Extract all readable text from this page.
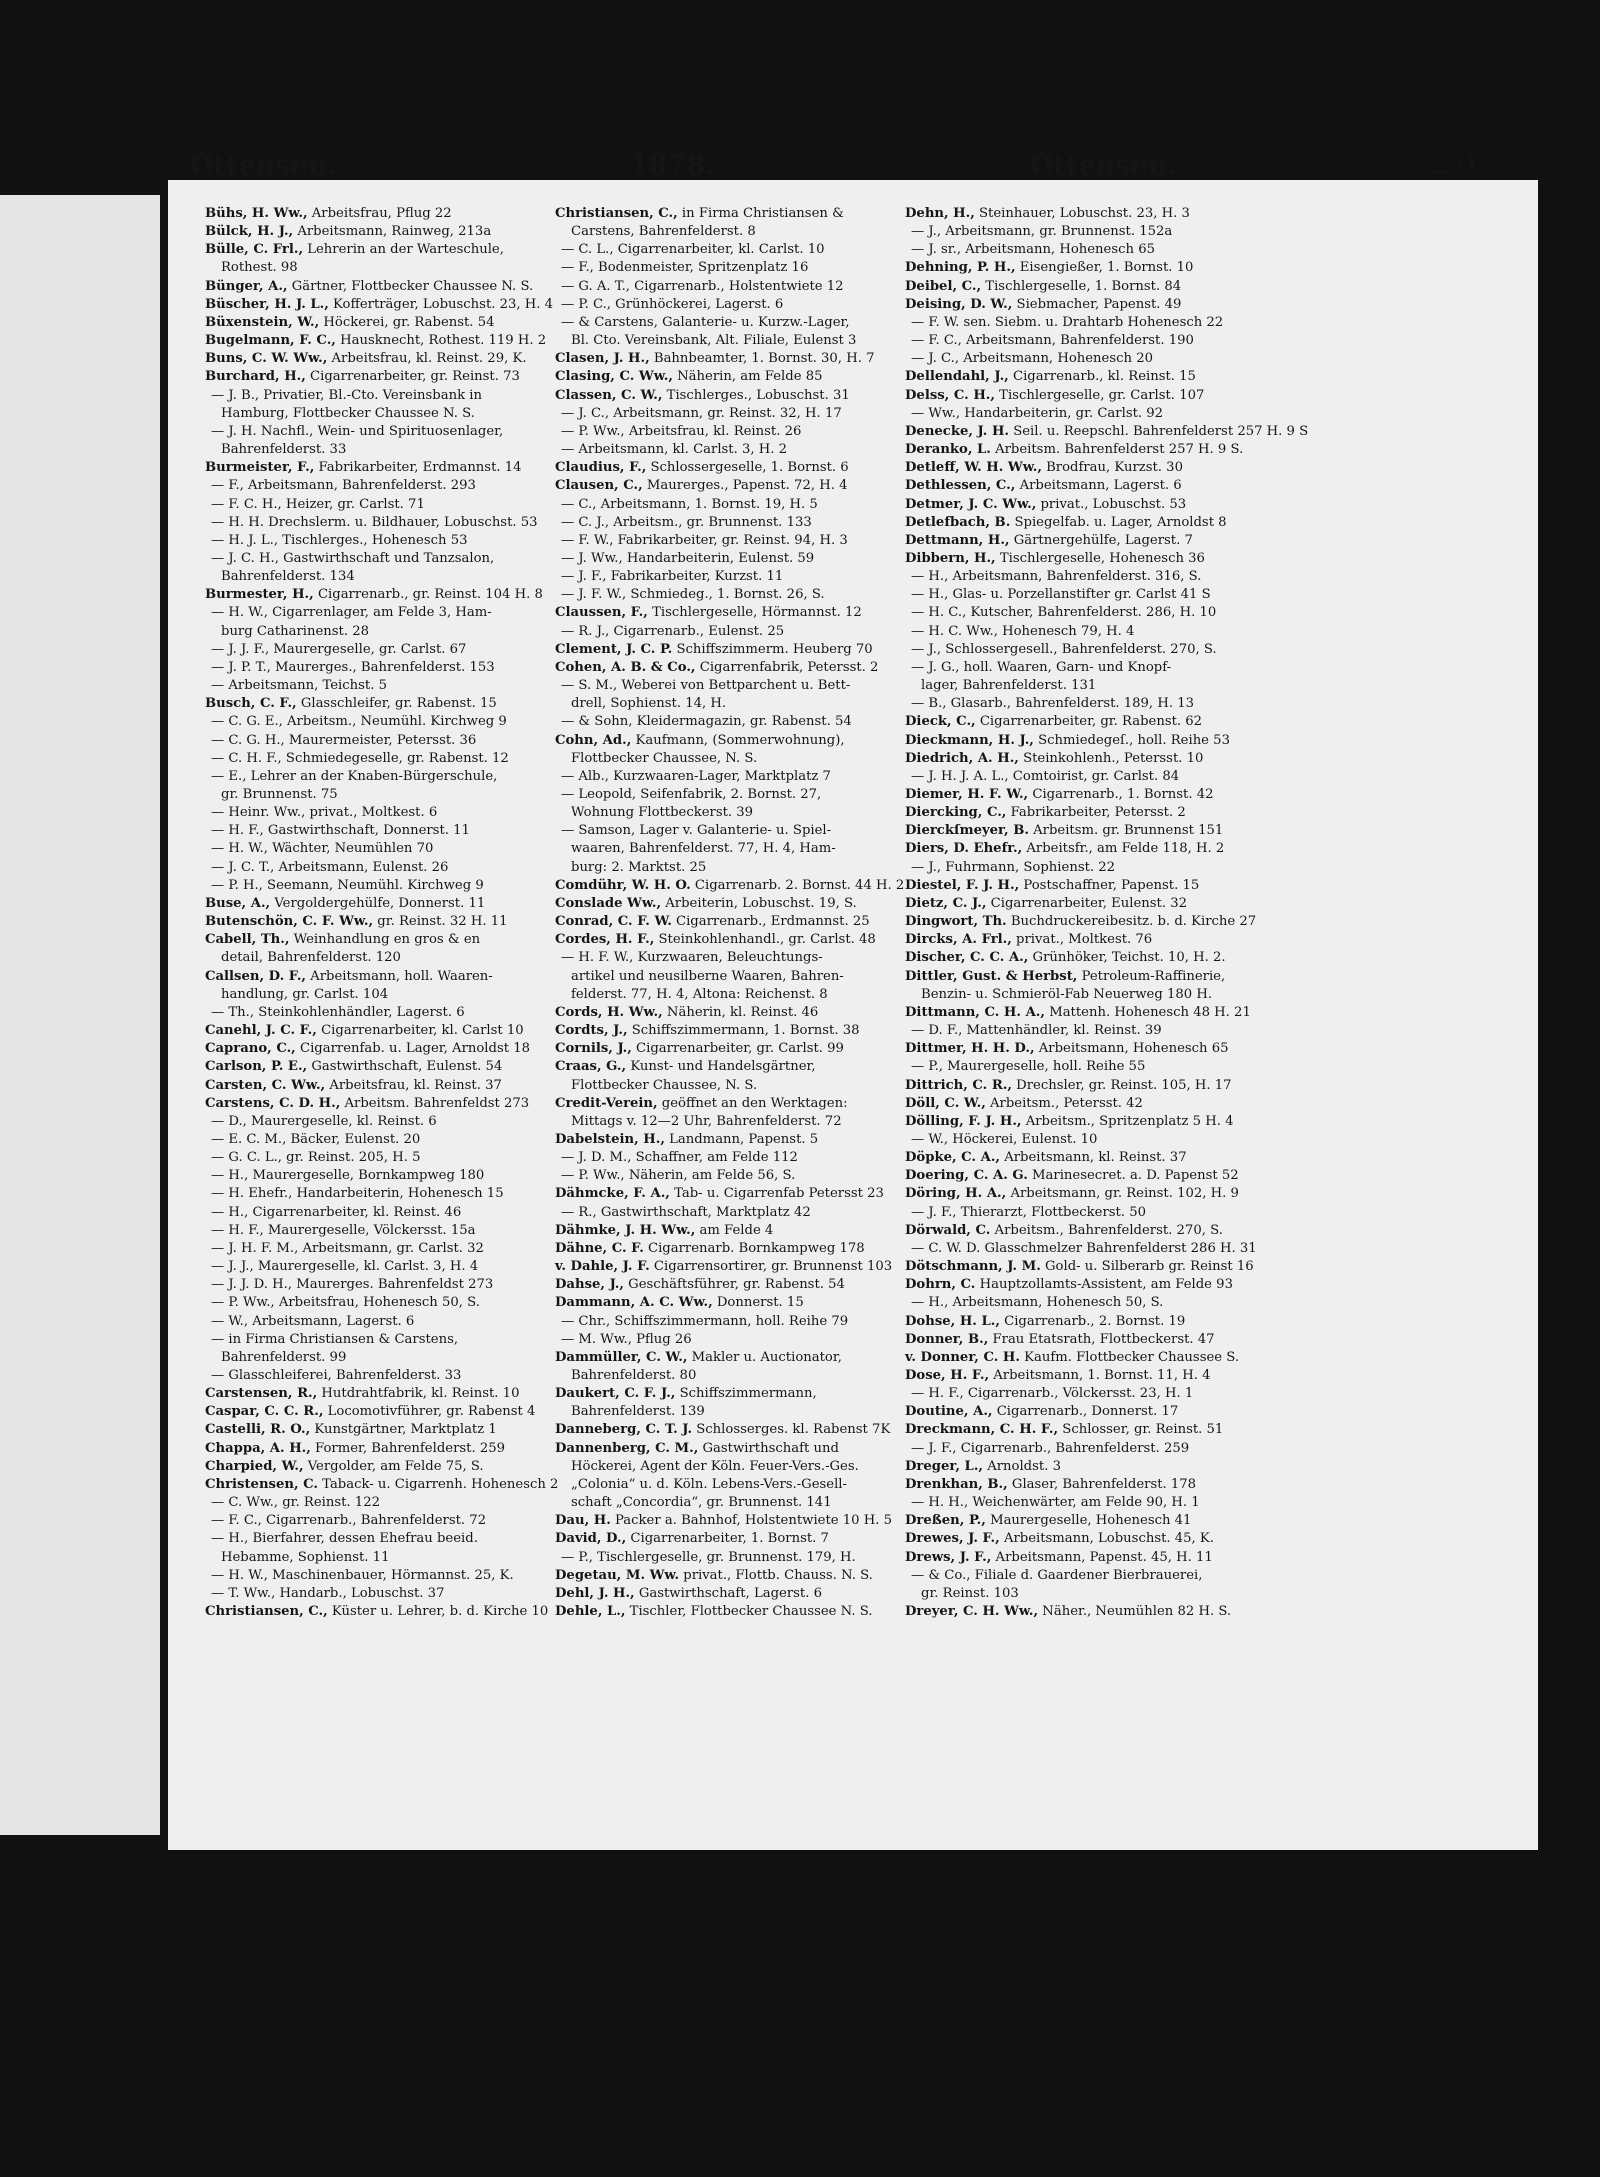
Ottensen.	1878.	Ottensen.	251
Bühs, H. Ww., Arbeitsfrau, Pflug 22
Bülck, H. J., Arbeitsmann, Rainweg, 213a
Bülle, C. Frl., Lehrerin an der Warteschule,
Rothest. 98
Bünger, A., Gärtner, Flottbecker Chaussee N. S.
Büscher, H. J. L., Kofferträger, Lobuschst. 23, H. 4
Büxenstein, W., Höckerei, gr. Rabenst. 54
Bugelmann, F. C., Hausknecht, Rothest. 119 H. 2
Buns, C. W. Ww., Arbeitsfrau, kl. Reinst. 29, K.
Burchard, H., Cigarrenarbeiter, gr. Reinst. 73
— J. B., Privatier, Bl.-Cto. Vereinsbank in
Hamburg, Flottbecker Chaussee N. S.
— J. H. Nachfl., Wein- und Spirituosenlager,
Bahrenfelderst. 33
Burmeister, F., Fabrikarbeiter, Erdmannst. 14
— F., Arbeitsmann, Bahrenfelderst. 293
— F. C. H., Heizer, gr. Carlst. 71
— H. H. Drechslerm. u. Bildhauer, Lobuschst. 53
— H. J. L., Tischlerges., Hohenesch 53
— J. C. H., Gastwirthschaft und Tanzsalon,
Bahrenfelderst. 134
Burmester, H., Cigarrenarb., gr. Reinst. 104 H. 8
— H. W., Cigarrenlager, am Felde 3, Ham-
burg Catharinenst. 28
— J. J. F., Maurergeselle, gr. Carlst. 67
— J. P. T., Maurerges., Bahrenfelderst. 153
— Arbeitsmann, Teichst. 5
Busch, C. F., Glasschleifer, gr. Rabenst. 15
— C. G. E., Arbeitsm., Neumühl. Kirchweg 9
— C. G. H., Maurermeister, Petersst. 36
— C. H. F., Schmiedegeselle, gr. Rabenst. 12
— E., Lehrer an der Knaben-Bürgerschule,
gr. Brunnenst. 75
— Heinr. Ww., privat., Moltkest. 6
— H. F., Gastwirthschaft, Donnerst. 11
— H. W., Wächter, Neumühlen 70
— J. C. T., Arbeitsmann, Eulenst. 26
— P. H., Seemann, Neumühl. Kirchweg 9
Buse, A., Vergoldergehülfe, Donnerst. 11
Butenschön, C. F. Ww., gr. Reinst. 32 H. 11
Cabell, Th., Weinhandlung en gros & en
detail, Bahrenfelderst. 120
Callsen, D. F., Arbeitsmann, holl. Waaren-
handlung, gr. Carlst. 104
— Th., Steinkohlenhändler, Lagerst. 6
Canehl, J. C. F., Cigarrenarbeiter, kl. Carlst 10
Caprano, C., Cigarrenfab. u. Lager, Arnoldst 18
Carlson, P. E., Gastwirthschaft, Eulenst. 54
Carsten, C. Ww., Arbeitsfrau, kl. Reinst. 37
Carstens, C. D. H., Arbeitsm. Bahrenfeldst 273
— D., Maurergeselle, kl. Reinst. 6
— E. C. M., Bäcker, Eulenst. 20
— G. C. L., gr. Reinst. 205, H. 5
— H., Maurergeselle, Bornkampweg 180
— H. Ehefr., Handarbeiterin, Hohenesch 15
— H., Cigarrenarbeiter, kl. Reinst. 46
— H. F., Maurergeselle, Völckersst. 15a
— J. H. F. M., Arbeitsmann, gr. Carlst. 32
— J. J., Maurergeselle, kl. Carlst. 3, H. 4
— J. J. D. H., Maurerges. Bahrenfeldst 273
— P. Ww., Arbeitsfrau, Hohenesch 50, S.
— W., Arbeitsmann, Lagerst. 6
— in Firma Christiansen & Carstens,
Bahrenfelderst. 99
— Glasschleiferei, Bahrenfelderst. 33
Carstensen, R., Hutdrahtfabrik, kl. Reinst. 10
Caspar, C. C. R., Locomotivführer, gr. Rabenst 4
Castelli, R. O., Kunstgärtner, Marktplatz 1
Chappa, A. H., Former, Bahrenfelderst. 259
Charpied, W., Vergolder, am Felde 75, S.
Christensen, C. Taback- u. Cigarrenh. Hohenesch 2
— C. Ww., gr. Reinst. 122
— F. C., Cigarrenarb., Bahrenfelderst. 72
— H., Bierfahrer, dessen Ehefrau beeid.
Hebamme, Sophienst. 11
— H. W., Maschinenbauer, Hörmannst. 25, K.
— T. Ww., Handarb., Lobuschst. 37
Christiansen, C., Küster u. Lehrer, b. d. Kirche 10
Christiansen, C., in Firma Christiansen &
Carstens, Bahrenfelderst. 8
— C. L., Cigarrenarbeiter, kl. Carlst. 10
— F., Bodenmeister, Spritzenplatz 16
— G. A. T., Cigarrenarb., Holstentwiete 12
— P. C., Grünhöckerei, Lagerst. 6
— & Carstens, Galanterie- u. Kurzw.-Lager,
Bl. Cto. Vereinsbank, Alt. Filiale, Eulenst 3
Clasen, J. H., Bahnbeamter, 1. Bornst. 30, H. 7
Clasing, C. Ww., Näherin, am Felde 85
Classen, C. W., Tischlerges., Lobuschst. 31
— J. C., Arbeitsmann, gr. Reinst. 32, H. 17
— P. Ww., Arbeitsfrau, kl. Reinst. 26
— Arbeitsmann, kl. Carlst. 3, H. 2
Claudius, F., Schlossergeselle, 1. Bornst. 6
Clausen, C., Maurerges., Papenst. 72, H. 4
— C., Arbeitsmann, 1. Bornst. 19, H. 5
— C. J., Arbeitsm., gr. Brunnenst. 133
— F. W., Fabrikarbeiter, gr. Reinst. 94, H. 3
— J. Ww., Handarbeiterin, Eulenst. 59
— J. F., Fabrikarbeiter, Kurzst. 11
— J. F. W., Schmiedeg., 1. Bornst. 26, S.
Claussen, F., Tischlergeselle, Hörmannst. 12
— R. J., Cigarrenarb., Eulenst. 25
Clement, J. C. P. Schiffszimmerm. Heuberg 70
Cohen, A. B. & Co., Cigarrenfabrik, Petersst. 2
— S. M., Weberei von Bettparchent u. Bett-
drell, Sophienst. 14, H.
— & Sohn, Kleidermagazin, gr. Rabenst. 54
Cohn, Ad., Kaufmann, (Sommerwohnung),
Flottbecker Chaussee, N. S.
— Alb., Kurzwaaren-Lager, Marktplatz 7
— Leopold, Seifenfabrik, 2. Bornst. 27,
Wohnung Flottbeckerst. 39
— Samson, Lager v. Galanterie- u. Spiel-
waaren, Bahrenfelderst. 77, H. 4, Ham-
burg: 2. Marktst. 25
Comdühr, W. H. O. Cigarrenarb. 2. Bornst. 44 H. 2
Conslade Ww., Arbeiterin, Lobuschst. 19, S.
Conrad, C. F. W. Cigarrenarb., Erdmannst. 25
Cordes, H. F., Steinkohlenhandl., gr. Carlst. 48
— H. F. W., Kurzwaaren, Beleuchtungs-
artikel und neusilberne Waaren, Bahren-
felderst. 77, H. 4, Altona: Reichenst. 8
Cords, H. Ww., Näherin, kl. Reinst. 46
Cordts, J., Schiffszimmermann, 1. Bornst. 38
Cornils, J., Cigarrenarbeiter, gr. Carlst. 99
Craas, G., Kunst- und Handelsgärtner,
Flottbecker Chaussee, N. S.
Credit-Verein, geöffnet an den Werktagen:
Mittags v. 12—2 Uhr, Bahrenfelderst. 72
Dabelstein, H., Landmann, Papenst. 5
— J. D. M., Schaffner, am Felde 112
— P. Ww., Näherin, am Felde 56, S.
Dähmcke, F. A., Tab- u. Cigarrenfab Petersst 23
— R., Gastwirthschaft, Marktplatz 42
Dähmke, J. H. Ww., am Felde 4
Dähne, C. F. Cigarrenarb. Bornkampweg 178
v. Dahle, J. F. Cigarrensortirer, gr. Brunnenst 103
Dahse, J., Geschäftsführer, gr. Rabenst. 54
Dammann, A. C. Ww., Donnerst. 15
— Chr., Schiffszimmermann, holl. Reihe 79
— M. Ww., Pflug 26
Dammüller, C. W., Makler u. Auctionator,
Bahrenfelderst. 80
Daukert, C. F. J., Schiffszimmermann,
Bahrenfelderst. 139
Danneberg, C. T. J. Schlosserges. kl. Rabenst 7K
Dannenberg, C. M., Gastwirthschaft und
Höckerei, Agent der Köln. Feuer-Vers.-Ges.
„Colonia“ u. d. Köln. Lebens-Vers.-Gesell-
schaft „Concordia“, gr. Brunnenst. 141
Dau, H. Packer a. Bahnhof, Holstentwiete 10 H. 5
David, D., Cigarrenarbeiter, 1. Bornst. 7
— P., Tischlergeselle, gr. Brunnenst. 179, H.
Degetau, M. Ww. privat., Flottb. Chauss. N. S.
Dehl, J. H., Gastwirthschaft, Lagerst. 6
Dehle, L., Tischler, Flottbecker Chaussee N. S.
Dehn, H., Steinhauer, Lobuschst. 23, H. 3
— J., Arbeitsmann, gr. Brunnenst. 152a
— J. sr., Arbeitsmann, Hohenesch 65
Dehning, P. H., Eisengießer, 1. Bornst. 10
Deibel, C., Tischlergeselle, 1. Bornst. 84
Deising, D. W., Siebmacher, Papenst. 49
— F. W. sen. Siebm. u. Drahtarb Hohenesch 22
— F. C., Arbeitsmann, Bahrenfelderst. 190
— J. C., Arbeitsmann, Hohenesch 20
Dellendahl, J., Cigarrenarb., kl. Reinst. 15
Delss, C. H., Tischlergeselle, gr. Carlst. 107
— Ww., Handarbeiterin, gr. Carlst. 92
Denecke, J. H. Seil. u. Reepschl. Bahrenfelderst 257 H. 9 S
Deranko, L. Arbeitsm. Bahrenfelderst 257 H. 9 S.
Detleff, W. H. Ww., Brodfrau, Kurzst. 30
Dethlessen, C., Arbeitsmann, Lagerst. 6
Detmer, J. C. Ww., privat., Lobuschst. 53
Detlefbach, B. Spiegelfab. u. Lager, Arnoldst 8
Dettmann, H., Gärtnergehülfe, Lagerst. 7
Dibbern, H., Tischlergeselle, Hohenesch 36
— H., Arbeitsmann, Bahrenfelderst. 316, S.
— H., Glas- u. Porzellanstifter gr. Carlst 41 S
— H. C., Kutscher, Bahrenfelderst. 286, H. 10
— H. C. Ww., Hohenesch 79, H. 4
— J., Schlossergesell., Bahrenfelderst. 270, S.
— J. G., holl. Waaren, Garn- und Knopf-
lager, Bahrenfelderst. 131
— B., Glasarb., Bahrenfelderst. 189, H. 13
Dieck, C., Cigarrenarbeiter, gr. Rabenst. 62
Dieckmann, H. J., Schmiedegeſ., holl. Reihe 53
Diedrich, A. H., Steinkohlenh., Petersst. 10
— J. H. J. A. L., Comtoirist, gr. Carlst. 84
Diemer, H. F. W., Cigarrenarb., 1. Bornst. 42
Diercking, C., Fabrikarbeiter, Petersst. 2
Dierckſmeyer, B. Arbeitsm. gr. Brunnenst 151
Diers, D. Ehefr., Arbeitsfr., am Felde 118, H. 2
— J., Fuhrmann, Sophienst. 22
Diestel, F. J. H., Postschaffner, Papenst. 15
Dietz, C. J., Cigarrenarbeiter, Eulenst. 32
Dingwort, Th. Buchdruckereibesitz. b. d. Kirche 27
Dircks, A. Frl., privat., Moltkest. 76
Discher, C. C. A., Grünhöker, Teichst. 10, H. 2.
Dittler, Gust. & Herbst, Petroleum-Raffinerie,
Benzin- u. Schmieröl-Fab Neuerweg 180 H.
Dittmann, C. H. A., Mattenh. Hohenesch 48 H. 21
— D. F., Mattenhändler, kl. Reinst. 39
Dittmer, H. H. D., Arbeitsmann, Hohenesch 65
— P., Maurergeselle, holl. Reihe 55
Dittrich, C. R., Drechsler, gr. Reinst. 105, H. 17
Döll, C. W., Arbeitsm., Petersst. 42
Dölling, F. J. H., Arbeitsm., Spritzenplatz 5 H. 4
— W., Höckerei, Eulenst. 10
Döpke, C. A., Arbeitsmann, kl. Reinst. 37
Doering, C. A. G. Marinesecret. a. D. Papenst 52
Döring, H. A., Arbeitsmann, gr. Reinst. 102, H. 9
— J. F., Thierarzt, Flottbeckerst. 50
Dörwald, C. Arbeitsm., Bahrenfelderst. 270, S.
— C. W. D. Glasschmelzer Bahrenfelderst 286 H. 31
Dötschmann, J. M. Gold- u. Silberarb gr. Reinst 16
Dohrn, C. Hauptzollamts-Assistent, am Felde 93
— H., Arbeitsmann, Hohenesch 50, S.
Dohse, H. L., Cigarrenarb., 2. Bornst. 19
Donner, B., Frau Etatsrath, Flottbeckerst. 47
v. Donner, C. H. Kaufm. Flottbecker Chaussee S.
Dose, H. F., Arbeitsmann, 1. Bornst. 11, H. 4
— H. F., Cigarrenarb., Völckersst. 23, H. 1
Doutine, A., Cigarrenarb., Donnerst. 17
Dreckmann, C. H. F., Schlosser, gr. Reinst. 51
— J. F., Cigarrenarb., Bahrenfelderst. 259
Dreger, L., Arnoldst. 3
Drenkhan, B., Glaser, Bahrenfelderst. 178
— H. H., Weichenwärter, am Felde 90, H. 1
Dreßen, P., Maurergeselle, Hohenesch 41
Drewes, J. F., Arbeitsmann, Lobuschst. 45, K.
Drews, J. F., Arbeitsmann, Papenst. 45, H. 11
— & Co., Filiale d. Gaardener Bierbrauerei,
gr. Reinst. 103
Dreyer, C. H. Ww., Näher., Neumühlen 82 H. S.
